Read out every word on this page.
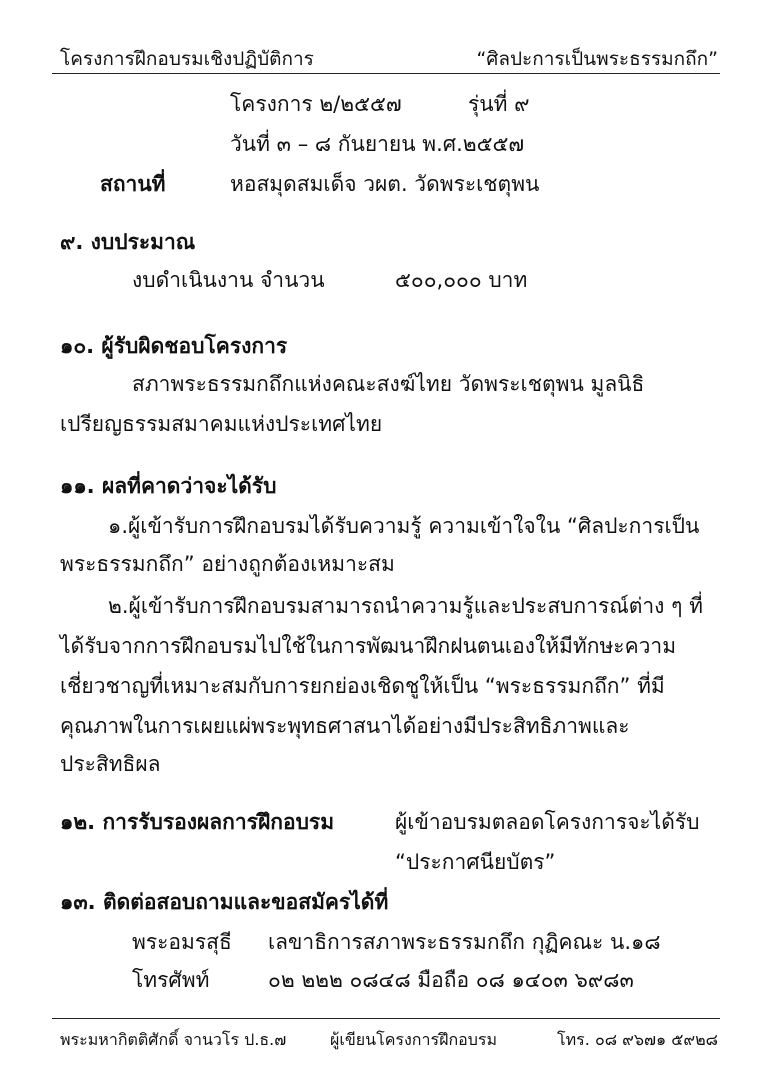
โครงการฝึกอบรมเชิงปฏิบัติการ	“ศิลปะการเป็นพระธรรมกถึก”
โครงการ ๒/๒๕๕๗	รุ่นที่ ๙
วันที่ ๓ – ๘ กันยายน พ.ศ.๒๕๕๗
สถานที่	หอสมุดสมเด็จ วผต. วัดพระเชตุพน
๙. งบประมาณ
งบดำเนินงาน จำนวน	๕๐๐,๐๐๐ บาท
๑๐. ผู้รับผิดชอบโครงการ
สภาพระธรรมกถึกแห่งคณะสงฆ์ไทย วัดพระเชตุพน มูลนิธิ
เปรียญธรรมสมาคมแห่งประเทศไทย
๑๑. ผลที่คาดว่าจะได้รับ
๑.ผู้เข้ารับการฝึกอบรมได้รับความรู้ ความเข้าใจใน “ศิลปะการเป็น
พระธรรมกถึก” อย่างถูกต้องเหมาะสม
๒.ผู้เข้ารับการฝึกอบรมสามารถนำความรู้และประสบการณ์ต่าง ๆ ที่
ได้รับจากการฝึกอบรมไปใช้ในการพัฒนาฝึกฝนตนเองให้มีทักษะความ
เชี่ยวชาญที่เหมาะสมกับการยกย่องเชิดชูให้เป็น “พระธรรมกถึก” ที่มี
คุณภาพในการเผยแผ่พระพุทธศาสนาได้อย่างมีประสิทธิภาพและ
ประสิทธิผล
๑๒. การรับรองผลการฝึกอบรม	ผู้เข้าอบรมตลอดโครงการจะได้รับ
“ประกาศนียบัตร”
๑๓. ติดต่อสอบถามและขอสมัครได้ที่
พระอมรสุธี เลขาธิการสภาพระธรรมกถึก กุฏิคณะ น.๑๘
โทรศัพท์	๐๒ ๒๒๒ ๐๘๔๘ มือถือ ๐๘ ๑๔๐๓ ๖๙๘๓
พระมหากิตติศักดิ์ จานวโร ป.ธ.๗	ผู้เขียนโครงการฝึกอบรม	โทร. ๐๘ ๙๖๗๑ ๕๙๒๘
